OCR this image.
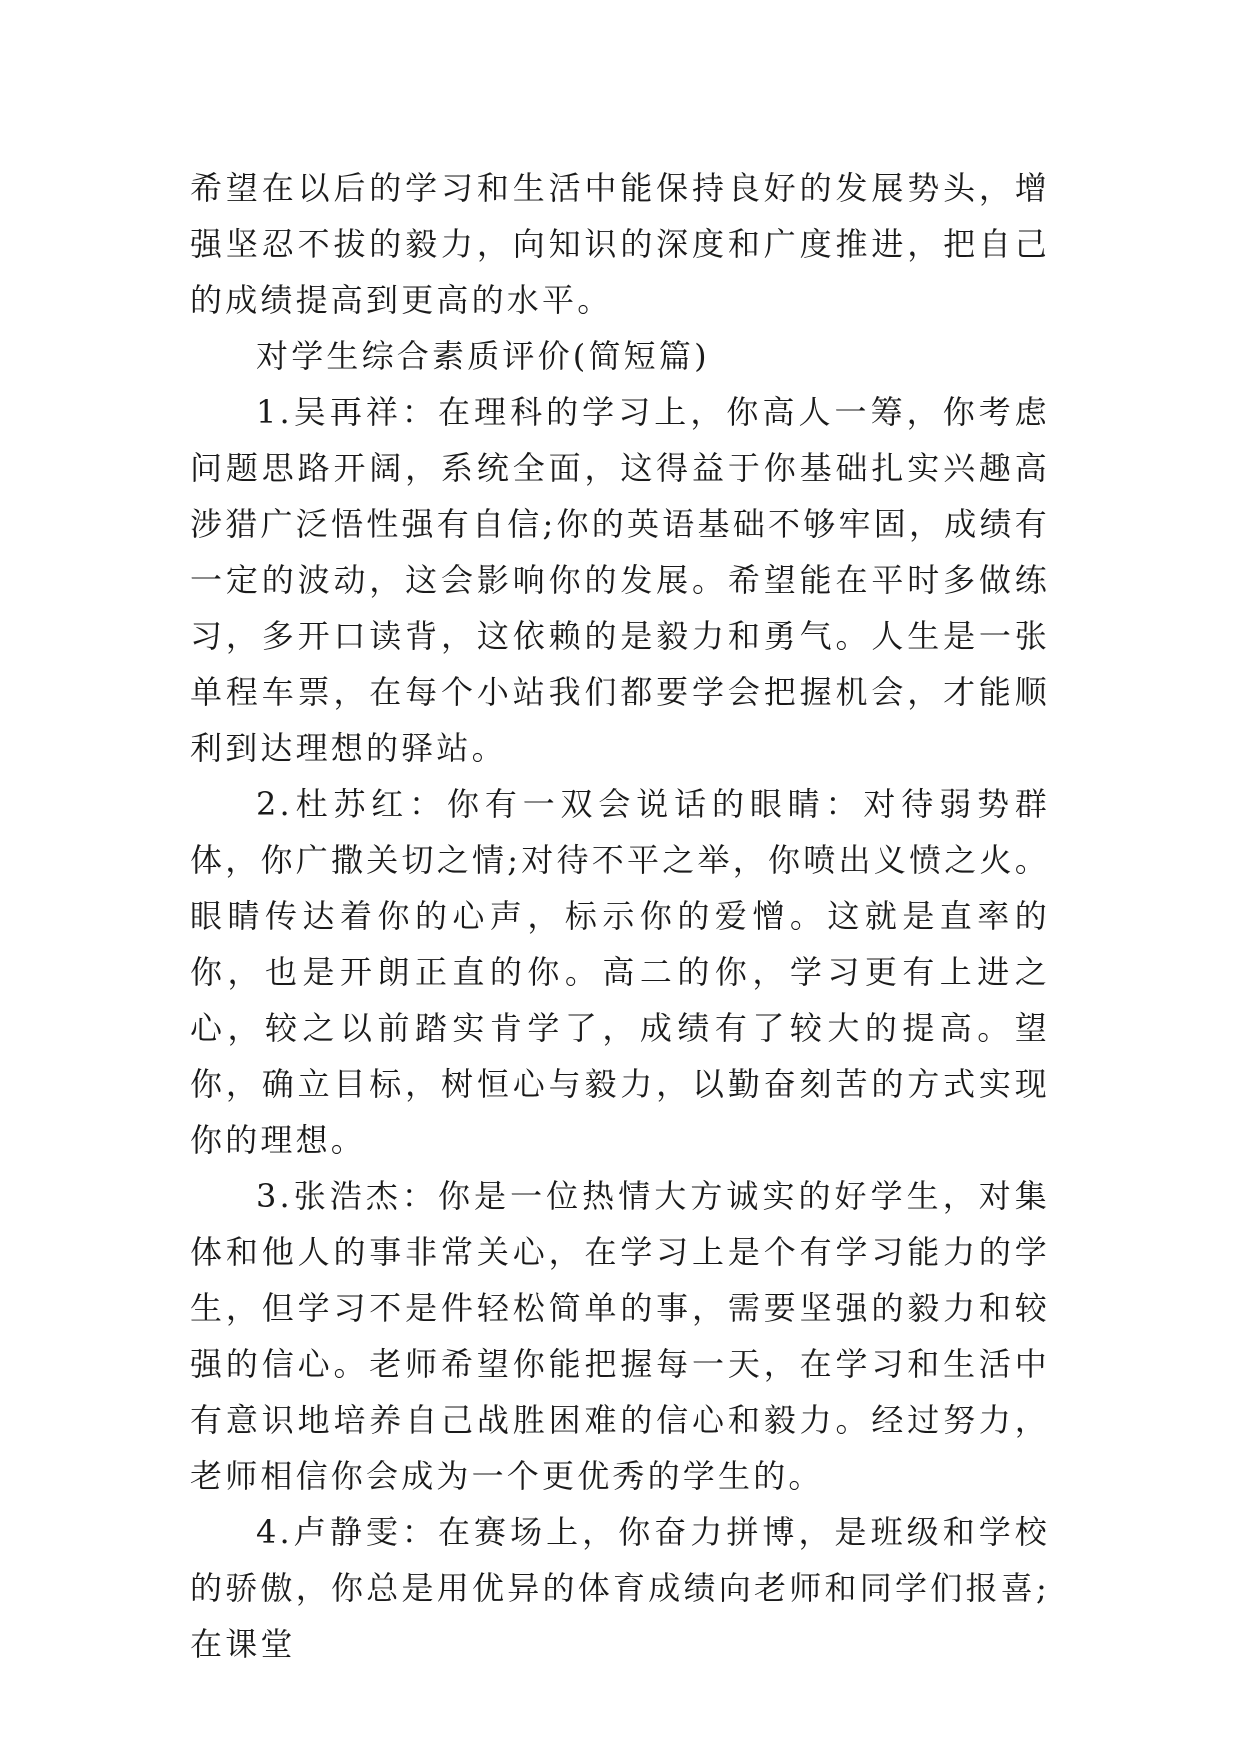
希望在以后的学习和生活中能保持良好的发展势头，增强坚忍不拔的毅力，向知识的深度和广度推进，把自己的成绩提高到更高的水平。

对学生综合素质评价(简短篇)

1.吴再祥：在理科的学习上，你高人一筹，你考虑问题思路开阔，系统全面，这得益于你基础扎实兴趣高涉猎广泛悟性强有自信;你的英语基础不够牢固，成绩有一定的波动，这会影响你的发展。希望能在平时多做练习，多开口读背，这依赖的是毅力和勇气。人生是一张单程车票，在每个小站我们都要学会把握机会，才能顺利到达理想的驿站。

2.杜苏红：你有一双会说话的眼睛：对待弱势群体，你广撒关切之情;对待不平之举，你喷出义愤之火。眼睛传达着你的心声，标示你的爱憎。这就是直率的你，也是开朗正直的你。高二的你，学习更有上进之心，较之以前踏实肯学了，成绩有了较大的提高。望你，确立目标，树恒心与毅力，以勤奋刻苦的方式实现你的理想。

3.张浩杰：你是一位热情大方诚实的好学生，对集体和他人的事非常关心，在学习上是个有学习能力的学生，但学习不是件轻松简单的事，需要坚强的毅力和较强的信心。老师希望你能把握每一天，在学习和生活中有意识地培养自己战胜困难的信心和毅力。经过努力，老师相信你会成为一个更优秀的学生的。

4.卢静雯：在赛场上，你奋力拼博，是班级和学校的骄傲，你总是用优异的体育成绩向老师和同学们报喜;在课堂
